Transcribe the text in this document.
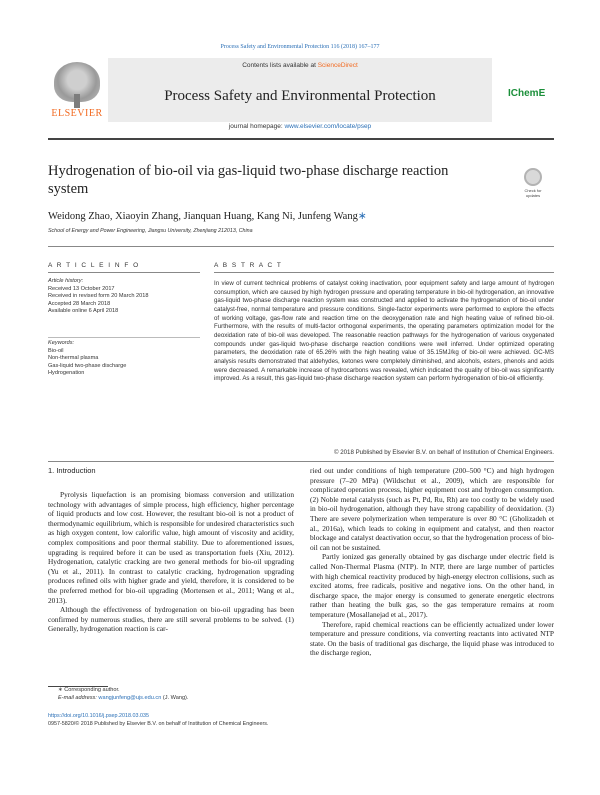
Process Safety and Environmental Protection 116 (2018) 167–177
ELSEVIER
Contents lists available at ScienceDirect
Process Safety and Environmental Protection
journal homepage: www.elsevier.com/locate/psep
IChemE
Hydrogenation of bio-oil via gas-liquid two-phase discharge reaction system	Check for updates
Weidong Zhao, Xiaoyin Zhang, Jianquan Huang, Kang Ni, Junfeng Wang∗
School of Energy and Power Engineering, Jiangsu University, Zhenjiang 212013, China
A R T I C L E I N F O
Article history:
Received 13 October 2017
Received in revised form 20 March 2018
Accepted 28 March 2018
Available online 6 April 2018
Keywords:
Bio-oil
Non-thermal plasma
Gas-liquid two-phase discharge
Hydrogenation
A B S T R A C T
In view of current technical problems of catalyst coking inactivation, poor equipment safety and large amount of hydrogen consumption, which are caused by high hydrogen pressure and operating temperature in bio-oil hydrogenation, an innovative gas-liquid two-phase discharge reaction system was constructed and applied to activate the hydrogenation of bio-oil under catalyst-free, normal temperature and pressure conditions. Single-factor experiments were performed to explore the effects of working voltage, gas-flow rate and reaction time on the deoxygenation rate and high heating value of refined bio-oil. Furthermore, with the results of multi-factor orthogonal experiments, the operating parameters optimization model for the deoxidation rate of bio-oil was developed. The reasonable reaction pathways for the hydrogenation of various oxygenated compounds under gas-liquid two-phase discharge reaction conditions were well inferred. Under optimized operating parameters, the deoxidation rate of 65.26% with the high heating value of 35.15MJ/kg of bio-oil were achieved. GC-MS analysis results demonstrated that aldehydes, ketones were completely diminished, and alcohols, esters, phenols and acids were decreased. A remarkable increase of hydrocarbons was revealed, which indicated the quality of bio-oil was significantly improved. As a result, this gas-liquid two-phase discharge reaction system can perform hydrogenation of bio-oil efficiently.
© 2018 Published by Elsevier B.V. on behalf of Institution of Chemical Engineers.
1. Introduction

Pyrolysis liquefaction is an promising biomass conversion and utilization technology with advantages of simple process, high efficiency, higher percentage of liquid products and low cost. However, the resultant bio-oil is not a product of thermodynamic equilibrium, which is responsible for undesired characteristics such as high oxygen content, low calorific value, high amount of viscosity and acidity, complex compositions and poor thermal stability. Due to aforementioned issues, upgrading is required before it can be used as transportation fuels (Xiu, 2012). Hydrogenation, catalytic cracking are two general methods for bio-oil upgrading (Yu et al., 2011). In contrast to catalytic cracking, hydrogenation upgrading produces refined oils with higher grade and yield, therefore, it is considered to be the preferred method for bio-oil upgrading (Mortensen et al., 2011; Wang et al., 2013).

Although the effectiveness of hydrogenation on bio-oil upgrading has been confirmed by numerous studies, there are still several problems to be solved. (1) Generally, hydrogenation reaction is car-

ried out under conditions of high temperature (200–500 °C) and high hydrogen pressure (7–20 MPa) (Wildschut et al., 2009), which are responsible for complicated operation process, higher equipment cost and hydrogen consumption. (2) Noble metal catalysts (such as Pt, Pd, Ru, Rh) are too costly to be widely used in bio-oil hydrogenation, although they have strong capability of deoxidation. (3) There are severe polymerization when temperature is over 80 °C (Gholizadeh et al., 2016a), which leads to coking in equipment and catalyst, and then reactor blockage and catalyst deactivation occur, so that the hydrogenation process of bio-oil can not be sustained.

Partly ionized gas generally obtained by gas discharge under electric field is called Non-Thermal Plasma (NTP). In NTP, there are large number of particles with high chemical reactivity produced by high-energy electron collisions, such as excited atoms, free radicals, positive and negative ions. On the other hand, in discharge space, the major energy is consumed to generate energetic electrons rather than heating the bulk gas, so the gas temperature remains at room temperature (Mosallanejad et al., 2017).

Therefore, rapid chemical reactions can be efficiently actualized under lower temperature and pressure conditions, via converting reactants into activated NTP state. On the basis of traditional gas discharge, the liquid phase was introduced to the discharge region,

∗ Corresponding author.
E-mail address: wangjunfeng@ujs.edu.cn (J. Wang).
https://doi.org/10.1016/j.psep.2018.03.035
0957-5820/© 2018 Published by Elsevier B.V. on behalf of Institution of Chemical Engineers.
